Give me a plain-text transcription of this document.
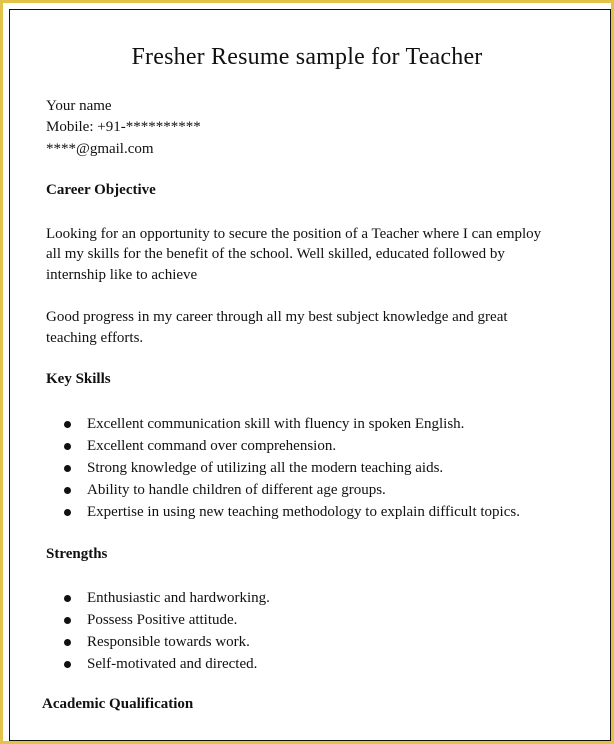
Fresher Resume sample for Teacher
Your name
Mobile: +91-**********
****@gmail.com
Career Objective
Looking for an opportunity to secure the position of a Teacher where I can employ
all my skills for the benefit of the school. Well skilled, educated followed by
internship like to achieve
Good progress in my career through all my best subject knowledge and great
teaching efforts.
Key Skills
Excellent communication skill with fluency in spoken English.
Excellent command over comprehension.
Strong knowledge of utilizing all the modern teaching aids.
Ability to handle children of different age groups.
Expertise in using new teaching methodology to explain difficult topics.
Strengths
Enthusiastic and hardworking.
Possess Positive attitude.
Responsible towards work.
Self-motivated and directed.
Academic Qualification
